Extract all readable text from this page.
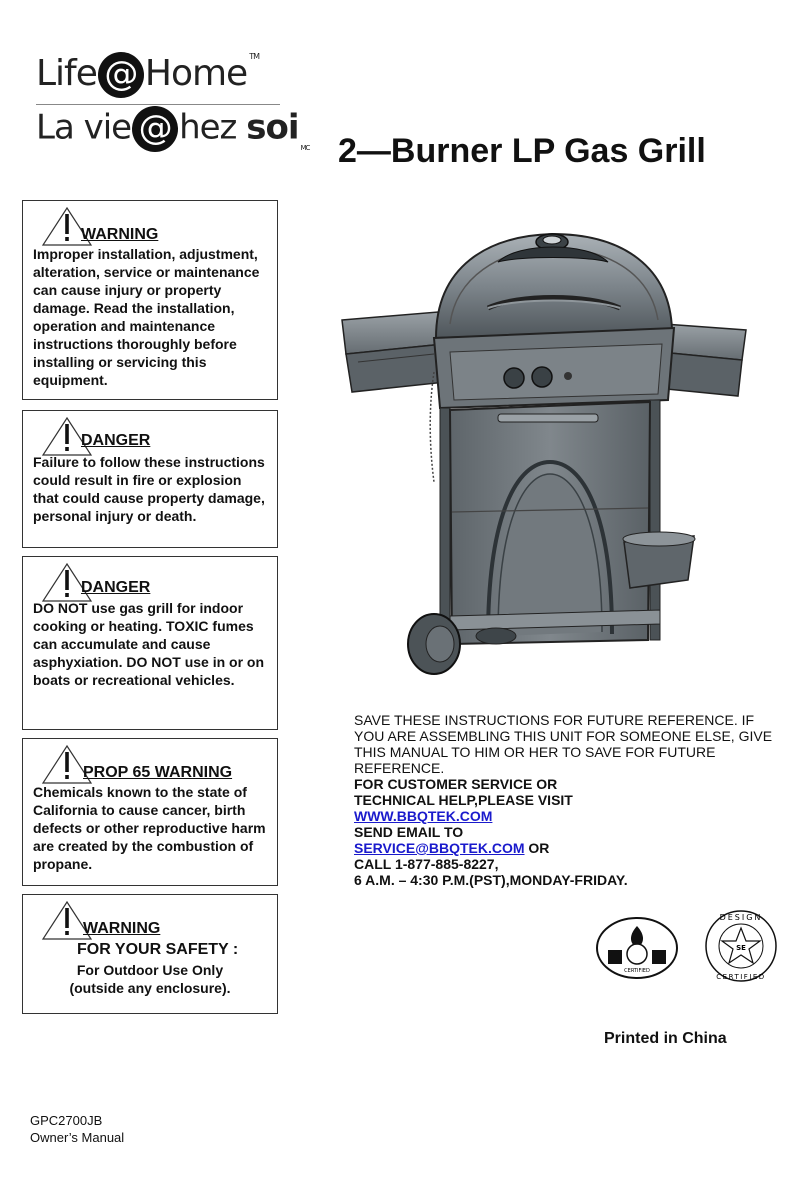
Life @ Home ™
La vie @ hez soiMC 2—Burner LP Gas Grill
WARNING
Improper installation, adjustment, alteration, service or maintenance can cause injury or property damage. Read the installation, operation and maintenance instructions thoroughly before installing or servicing this equipment.
DANGER
Failure to follow these instructions could result in fire or explosion that could cause property damage, personal injury or death.
DANGER
DO NOT use gas grill for indoor cooking or heating. TOXIC fumes can accumulate and cause asphyxiation. DO NOT use in or on boats or recreational vehicles.
PROP 65 WARNING
Chemicals known to the state of California to cause cancer, birth defects or other reproductive harm are created by the combustion of propane.
WARNING
FOR YOUR SAFETY :
For Outdoor Use Only (outside any enclosure).
SAVE THESE INSTRUCTIONS FOR FUTURE REFERENCE. IF YOU ARE ASSEMBLING THIS UNIT FOR SOMEONE ELSE, GIVE THIS MANUAL TO HIM OR HER TO SAVE FOR FUTURE REFERENCE.
FOR CUSTOMER SERVICE OR
TECHNICAL HELP,PLEASE VISIT
WWW.BBQTEK.COM
SEND EMAIL TO
SERVICE@BBQTEK.COM OR
CALL 1-877-885-8227,
6 A.M. – 4:30 P.M.(PST),MONDAY-FRIDAY.
CERTIFIED
SE
DESIGN
CERTIFIED
Printed in China
GPC2700JB
Owner’s Manual
